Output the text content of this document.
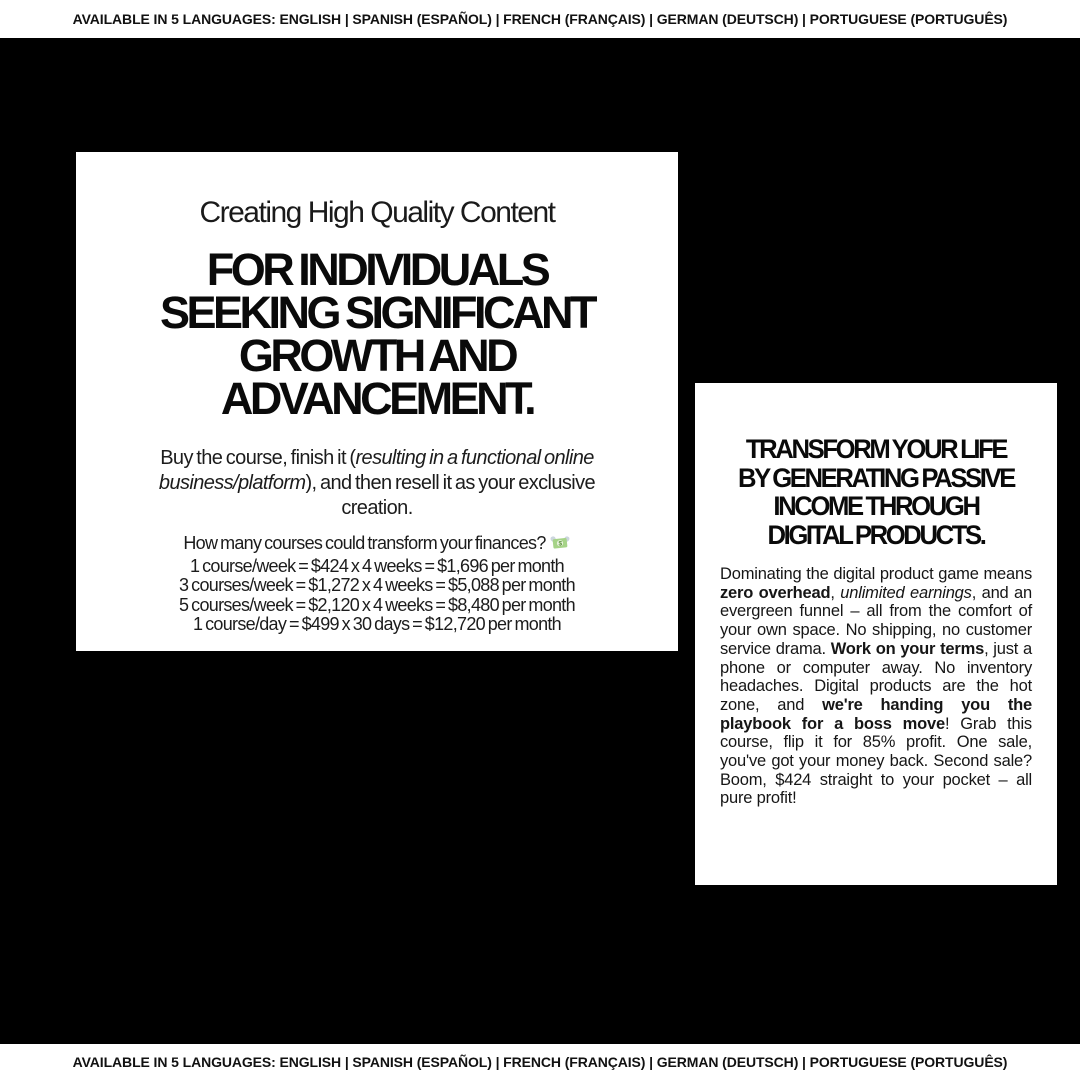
AVAILABLE IN 5 LANGUAGES: ENGLISH | SPANISH (ESPAÑOL) | FRENCH (FRANÇAIS) | GERMAN (DEUTSCH) | PORTUGUESE (PORTUGUÊS)
Creating High Quality Content
FOR INDIVIDUALS
SEEKING SIGNIFICANT
GROWTH AND
ADVANCEMENT.
Buy the course, finish it (resulting in a functional online business/platform), and then resell it as your exclusive creation.
How many courses could transform your finances? $
1 course/week = $424 x 4 weeks = $1,696 per month
3 courses/week = $1,272 x 4 weeks = $5,088 per month
5 courses/week = $2,120 x 4 weeks = $8,480 per month
1 course/day = $499 x 30 days = $12,720 per month
TRANSFORM YOUR LIFE
BY GENERATING PASSIVE
INCOME THROUGH
DIGITAL PRODUCTS.
Dominating the digital product game means zero overhead, unlimited earnings, and an evergreen funnel – all from the comfort of your own space. No shipping, no customer service drama. Work on your terms, just a phone or computer away. No inventory headaches. Digital products are the hot zone, and we're handing you the playbook for a boss move! Grab this course, flip it for 85% profit. One sale, you've got your money back. Second sale? Boom, $424 straight to your pocket – all pure profit!
AVAILABLE IN 5 LANGUAGES: ENGLISH | SPANISH (ESPAÑOL) | FRENCH (FRANÇAIS) | GERMAN (DEUTSCH) | PORTUGUESE (PORTUGUÊS)
